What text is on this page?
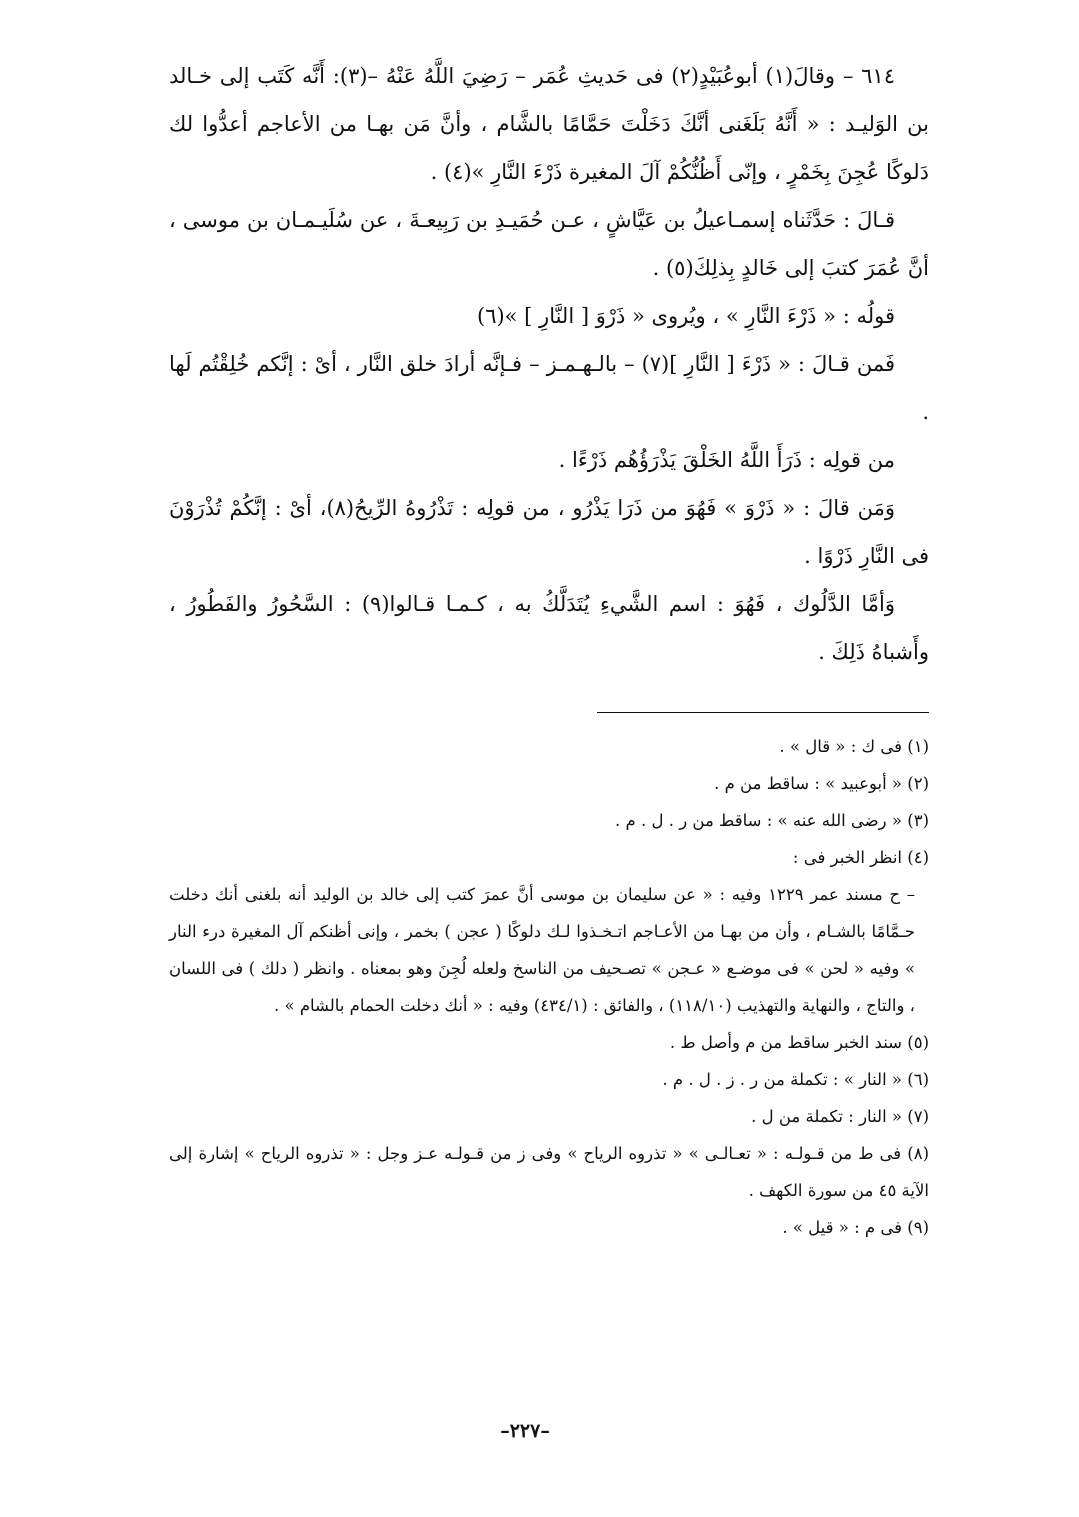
٦١٤ – وقالَ(١) أبوعُبَيْدٍ(٢) فى حَديثِ عُمَر – رَضِيَ اللَّهُ عَنْهُ –(٣): أَنَّه كَتَب إلى خـالد بن الوَليـد : « أَنَّهُ بَلَغَنى أنَّكَ دَخَلْتَ حَمَّامًا بالشَّام ، وأنَّ مَن بهـا من الأعاجم أعدُّوا لك دَلوكًا عُجِنَ بِخَمْرٍ ، وإنّى أَظُنُّكُمْ آلَ المغيرة ذَرْءَ النَّارِ »(٤) .

قـالَ : حَدَّثَناه إسمـاعيلُ بن عَيَّاشٍ ، عـن حُمَيـدِ بن رَبِيعـةَ ، عن سُلَيـمـان بن موسى ، أنَّ عُمَرَ كتبَ إلى خَالدٍ بِذلِكَ(٥) .

قولُه : « ذَرْءَ النَّارِ » ، ويُروى « ذَرْوَ [ النَّارِ ] »(٦)

فَمن قـالَ : « ذَرْءَ [ النَّارِ ](٧) – بالـهـمـز – فـإنَّه أرادَ خلق النَّار ، أىْ : إنَّكم خُلِقْتُم لَها .

من قولِه : ذَرَأَ اللَّهُ الخَلْقَ يَذْرَؤُهُم ذَرْءًا .

وَمَن قالَ : « ذَرْوَ » فَهُوَ من ذَرَا يَذْرُو ، من قولِه : تَذْرُوهُ الرِّيحُ(٨)، أىْ : إنَّكُمْ تُذْرَوْنَ فى النَّارِ ذَرْوًا .

وَأمَّا الدَّلُوك ، فَهُوَ : اسم الشَّيءِ يُتَدَلَّكُ به ، كـمـا قـالوا(٩) : السَّحُورُ والفَطُورُ ، وأَشباهُ ذَلِكَ .

(١) فى ك : « قال » .

(٢) « أبوعبيد » : ساقط من م .

(٣) « رضى الله عنه » : ساقط من ر . ل . م .

(٤) انظر الخبر فى :

– ح مسند عمر ١٢٢٩ وفيه : « عن سليمان بن موسى أنَّ عمرَ كتب إلى خالد بن الوليد أنه بلغنى أنك دخلت حـمَّامًا بالشـام ، وأن من بهـا من الأعـاجم اتـخـذوا لـك دلوكًا ( عجن ) بخمر ، وإنى أظنكم آل المغيرة درء النار » وفيه « لحن » فى موضـع « عـجن » تصـحيف من الناسخ ولعله لُجِنَ وهو بمعناه . وانظر ( دلك ) فى اللسان ، والتاج ، والنهاية والتهذيب (١١٨/١٠) ، والفائق : (٤٣٤/١) وفيه : « أنك دخلت الحمام بالشام » .

(٥) سند الخبر ساقط من م وأصل ط .

(٦) « النار » : تكملة من ر . ز . ل . م .

(٧) « النار : تكملة من ل .

(٨) فى ط من قـولـه : « تعـالـى » « تذروه الرياح » وفى ز من قـولـه عـز وجل : « تذروه الرياح » إشارة إلى الآية ٤٥ من سورة الكهف .

(٩) فى م : « قيل » .

–٢٢٧–
